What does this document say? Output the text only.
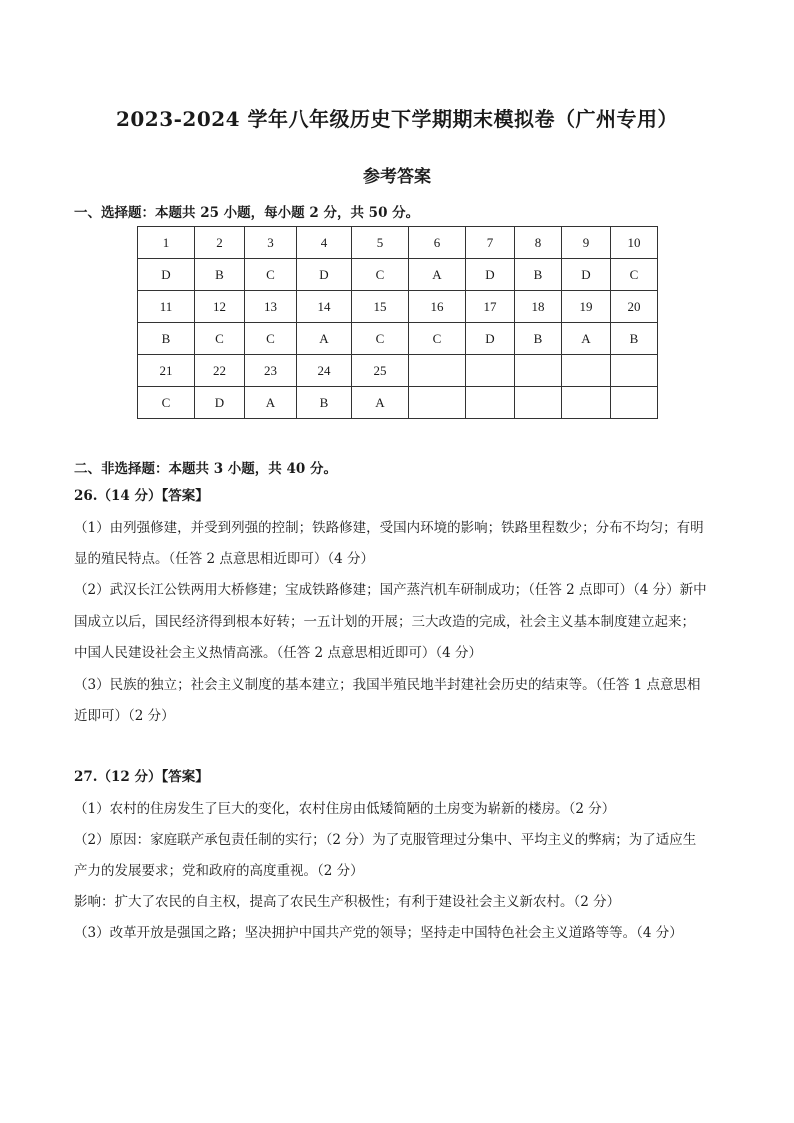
2023-2024 学年八年级历史下学期期末模拟卷（广州专用）
参考答案
一、选择题：本题共 25 小题，每小题 2 分，共 50 分。
1	2	3	4	5	6	7	8	9	10
D	B	C	D	C	A	D	B	D	C
11	12	13	14	15	16	17	18	19	20
B	C	C	A	C	C	D	B	A	B
21	22	23	24	25					
C	D	A	B	A					
二、非选择题：本题共 3 小题，共 40 分。
26.（14 分）【答案】
（1）由列强修建，并受到列强的控制；铁路修建，受国内环境的影响；铁路里程数少；分布不均匀；有明
显的殖民特点。（任答 2 点意思相近即可）（4 分）
（2）武汉长江公铁两用大桥修建；宝成铁路修建；国产蒸汽机车研制成功；（任答 2 点即可）（4 分）新中
国成立以后，国民经济得到根本好转；一五计划的开展；三大改造的完成，社会主义基本制度建立起来；
中国人民建设社会主义热情高涨。（任答 2 点意思相近即可）（4 分）
（3）民族的独立；社会主义制度的基本建立；我国半殖民地半封建社会历史的结束等。（任答 1 点意思相
近即可）（2 分）
27.（12 分）【答案】
（1）农村的住房发生了巨大的变化，农村住房由低矮简陋的土房变为崭新的楼房。（2 分）
（2）原因：家庭联产承包责任制的实行；（2 分）为了克服管理过分集中、平均主义的弊病；为了适应生
产力的发展要求；党和政府的高度重视。（2 分）
影响：扩大了农民的自主权，提高了农民生产积极性；有利于建设社会主义新农村。（2 分）
（3）改革开放是强国之路；坚决拥护中国共产党的领导；坚持走中国特色社会主义道路等等。（4 分）
